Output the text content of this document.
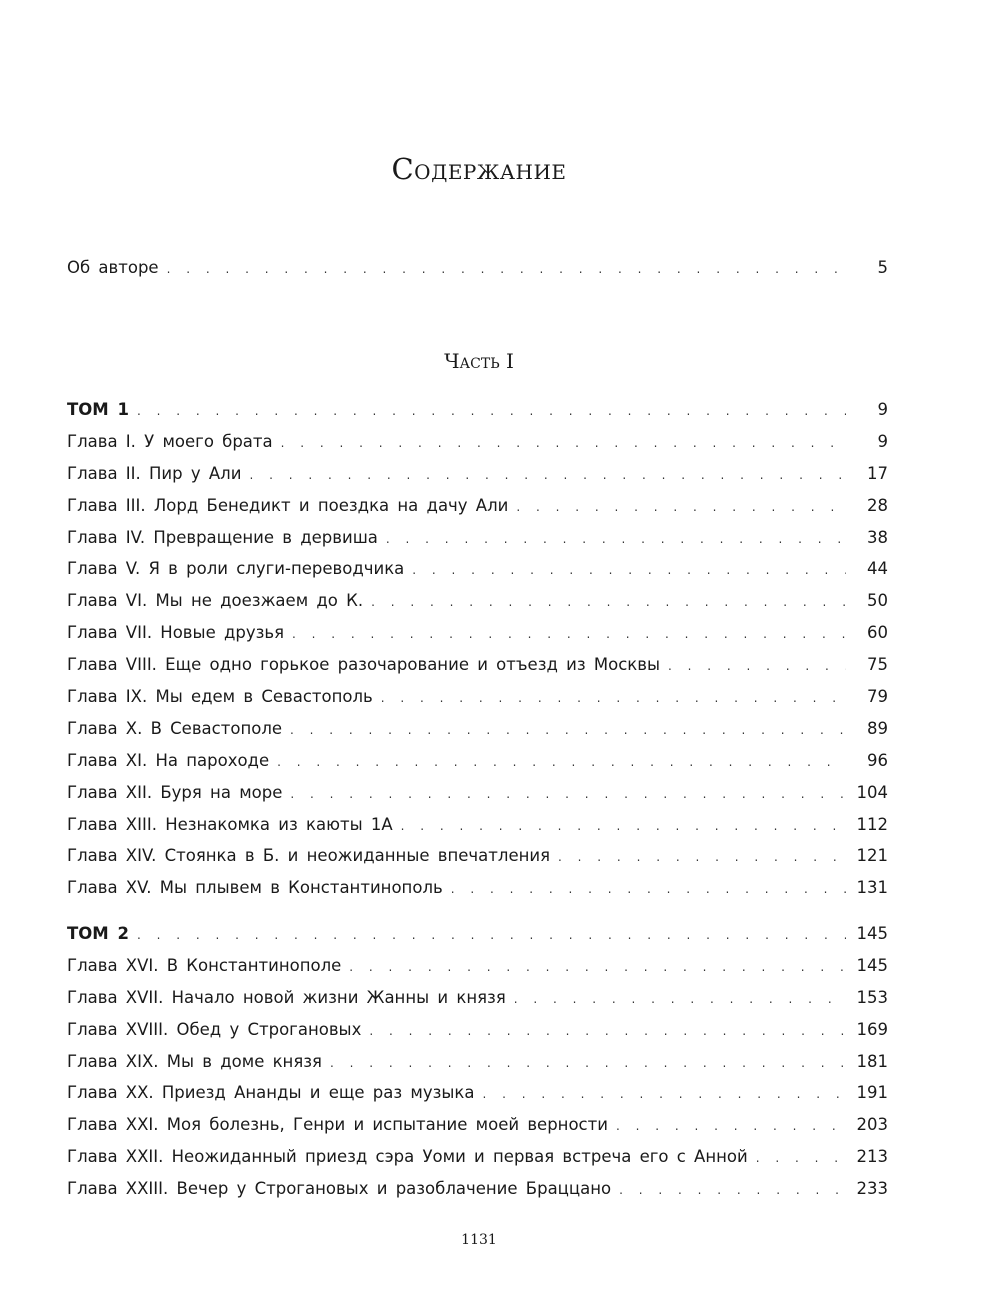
Содержание
Об авторе . . .	5
Часть I
ТОМ 1 . . .	9
Глава I. У моего брата . . .	9
Глава II. Пир у Али . . .	17
Глава III. Лорд Бенедикт и поездка на дачу Али . . .	28
Глава IV. Превращение в дервиша . . .	38
Глава V. Я в роли слуги-переводчика . . .	44
Глава VI. Мы не доезжаем до К. . . .	50
Глава VII. Новые друзья . . .	60
Глава VIII. Еще одно горькое разочарование и отъезд из Москвы . . .	75
Глава IX. Мы едем в Севастополь . . .	79
Глава X. В Севастополе . . .	89
Глава XI. На пароходе . . .	96
Глава XII. Буря на море . . .	104
Глава XIII. Незнакомка из каюты 1А . . .	112
Глава XIV. Стоянка в Б. и неожиданные впечатления . . .	121
Глава XV. Мы плывем в Константинополь . . .	131
ТОМ 2 . . .	145
Глава XVI. В Константинополе . . .	145
Глава XVII. Начало новой жизни Жанны и князя . . .	153
Глава XVIII. Обед у Строгановых . . .	169
Глава XIX. Мы в доме князя . . .	181
Глава XX. Приезд Ананды и еще раз музыка . . .	191
Глава XXI. Моя болезнь, Генри и испытание моей верности . . .	203
Глава XXII. Неожиданный приезд сэра Уоми и первая встреча его с Анной . . .	213
Глава XXIII. Вечер у Строгановых и разоблачение Браццано . . .	233
1131
